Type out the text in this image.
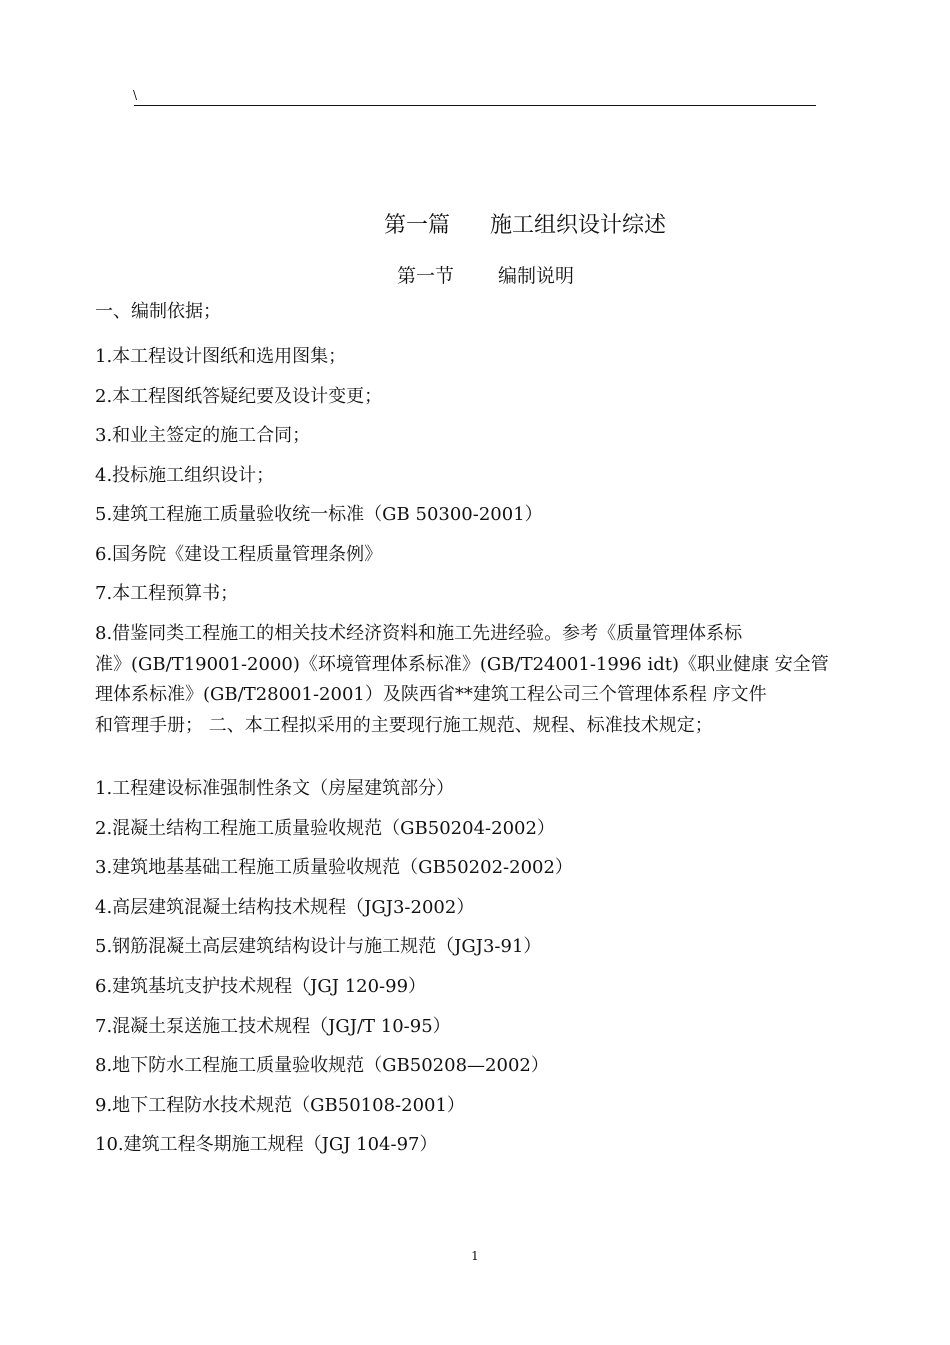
\
第一篇 施工组织设计综述
第一节 编制说明
一、编制依据；
1.本工程设计图纸和选用图集；
2.本工程图纸答疑纪要及设计变更；
3.和业主签定的施工合同；
4.投标施工组织设计；
5.建筑工程施工质量验收统一标准（GB 50300-2001）
6.国务院《建设工程质量管理条例》
7.本工程预算书；
8.借鉴同类工程施工的相关技术经济资料和施工先进经验。参考《质量管理体系标
准》(GB/T19001-2000)《环境管理体系标准》(GB/T24001-1996 idt)《职业健康 安全管
理体系标准》(GB/T28001-2001）及陕西省**建筑工程公司三个管理体系程 序文件
和管理手册； 二、本工程拟采用的主要现行施工规范、规程、标准技术规定；
1.工程建设标准强制性条文（房屋建筑部分）
2.混凝土结构工程施工质量验收规范（GB50204-2002）
3.建筑地基基础工程施工质量验收规范（GB50202-2002）
4.高层建筑混凝土结构技术规程（JGJ3-2002）
5.钢筋混凝土高层建筑结构设计与施工规范（JGJ3-91）
6.建筑基坑支护技术规程（JGJ 120-99）
7.混凝土泵送施工技术规程（JGJ/T 10-95）
8.地下防水工程施工质量验收规范（GB50208—2002）
9.地下工程防水技术规范（GB50108-2001）
10.建筑工程冬期施工规程（JGJ 104-97）
1
